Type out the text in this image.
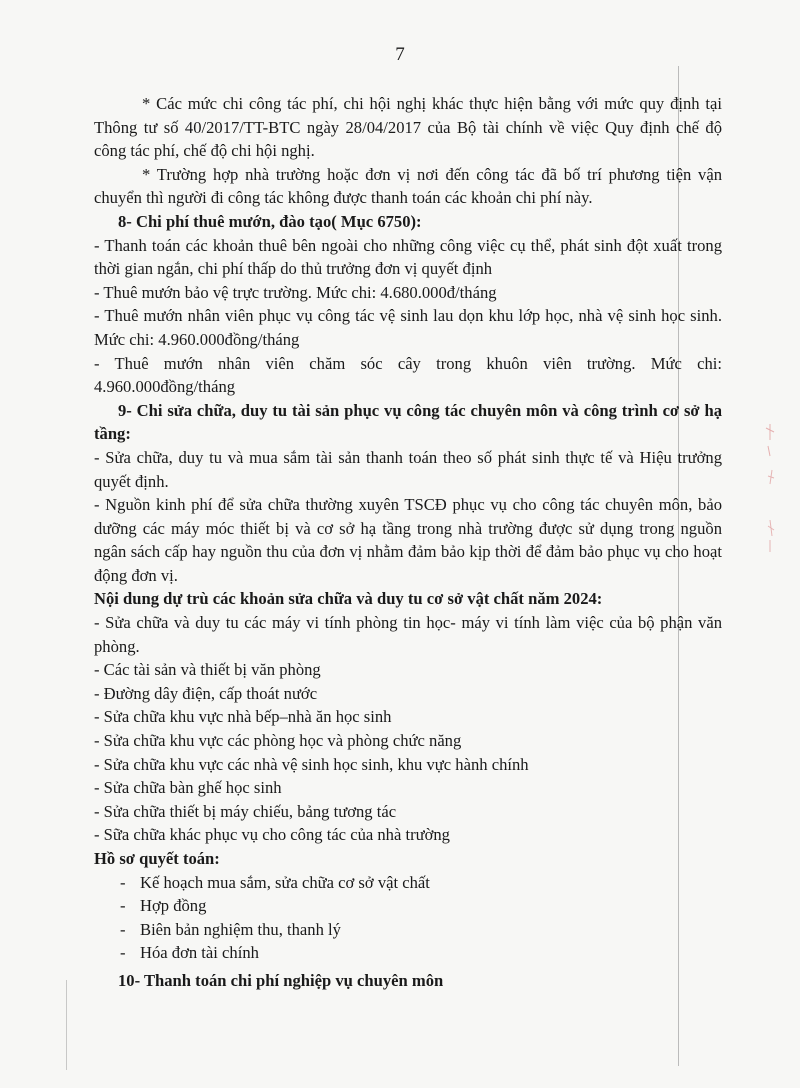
7

* Các mức chi công tác phí, chi hội nghị khác thực hiện bằng với mức quy định tại Thông tư số 40/2017/TT-BTC ngày 28/04/2017 của Bộ tài chính về việc Quy định chế độ công tác phí, chế độ chi hội nghị.

* Trường hợp nhà trường hoặc đơn vị nơi đến công tác đã bố trí phương tiện vận chuyển thì người đi công tác không được thanh toán các khoản chi phí này.

8- Chi phí thuê mướn, đào tạo( Mục 6750):

- Thanh toán các khoản thuê bên ngoài cho những công việc cụ thể, phát sinh đột xuất trong thời gian ngắn, chi phí thấp do thủ trưởng đơn vị quyết định

- Thuê mướn bảo vệ trực trường. Mức chi: 4.680.000đ/tháng

- Thuê mướn nhân viên phục vụ công tác vệ sinh lau dọn khu lớp học, nhà vệ sinh học sinh. Mức chi: 4.960.000đồng/tháng

- Thuê mướn nhân viên chăm sóc cây trong khuôn viên trường. Mức chi: 4.960.000đồng/tháng

9- Chi sửa chữa, duy tu tài sản phục vụ công tác chuyên môn và công trình cơ sở hạ tầng:

- Sửa chữa, duy tu và mua sắm tài sản thanh toán theo số phát sinh thực tế và Hiệu trưởng quyết định.

- Nguồn kinh phí để sửa chữa thường xuyên TSCĐ phục vụ cho công tác chuyên môn, bảo dưỡng các máy móc thiết bị và cơ sở hạ tầng trong nhà trường được sử dụng trong nguồn ngân sách cấp hay nguồn thu của đơn vị nhằm đảm bảo kịp thời để đảm bảo phục vụ cho hoạt động đơn vị.

Nội dung dự trù các khoản sửa chữa và duy tu cơ sở vật chất năm 2024:

- Sửa chữa và duy tu các máy vi tính phòng tin học- máy vi tính làm việc của bộ phận văn phòng.

- Các tài sản và thiết bị văn phòng

- Đường dây điện, cấp thoát nước

- Sửa chữa khu vực nhà bếp–nhà ăn học sinh

- Sửa chữa khu vực các phòng học và phòng chức năng

- Sửa chữa khu vực các nhà vệ sinh học sinh, khu vực hành chính

- Sửa chữa bàn ghế học sinh

- Sửa chữa thiết bị máy chiếu, bảng tương tác

- Sữa chữa khác phục vụ cho công tác của nhà trường

Hồ sơ quyết toán:

- Kế hoạch mua sắm, sửa chữa cơ sở vật chất
- Hợp đồng
- Biên bản nghiệm thu, thanh lý
- Hóa đơn tài chính

10- Thanh toán chi phí nghiệp vụ chuyên môn
